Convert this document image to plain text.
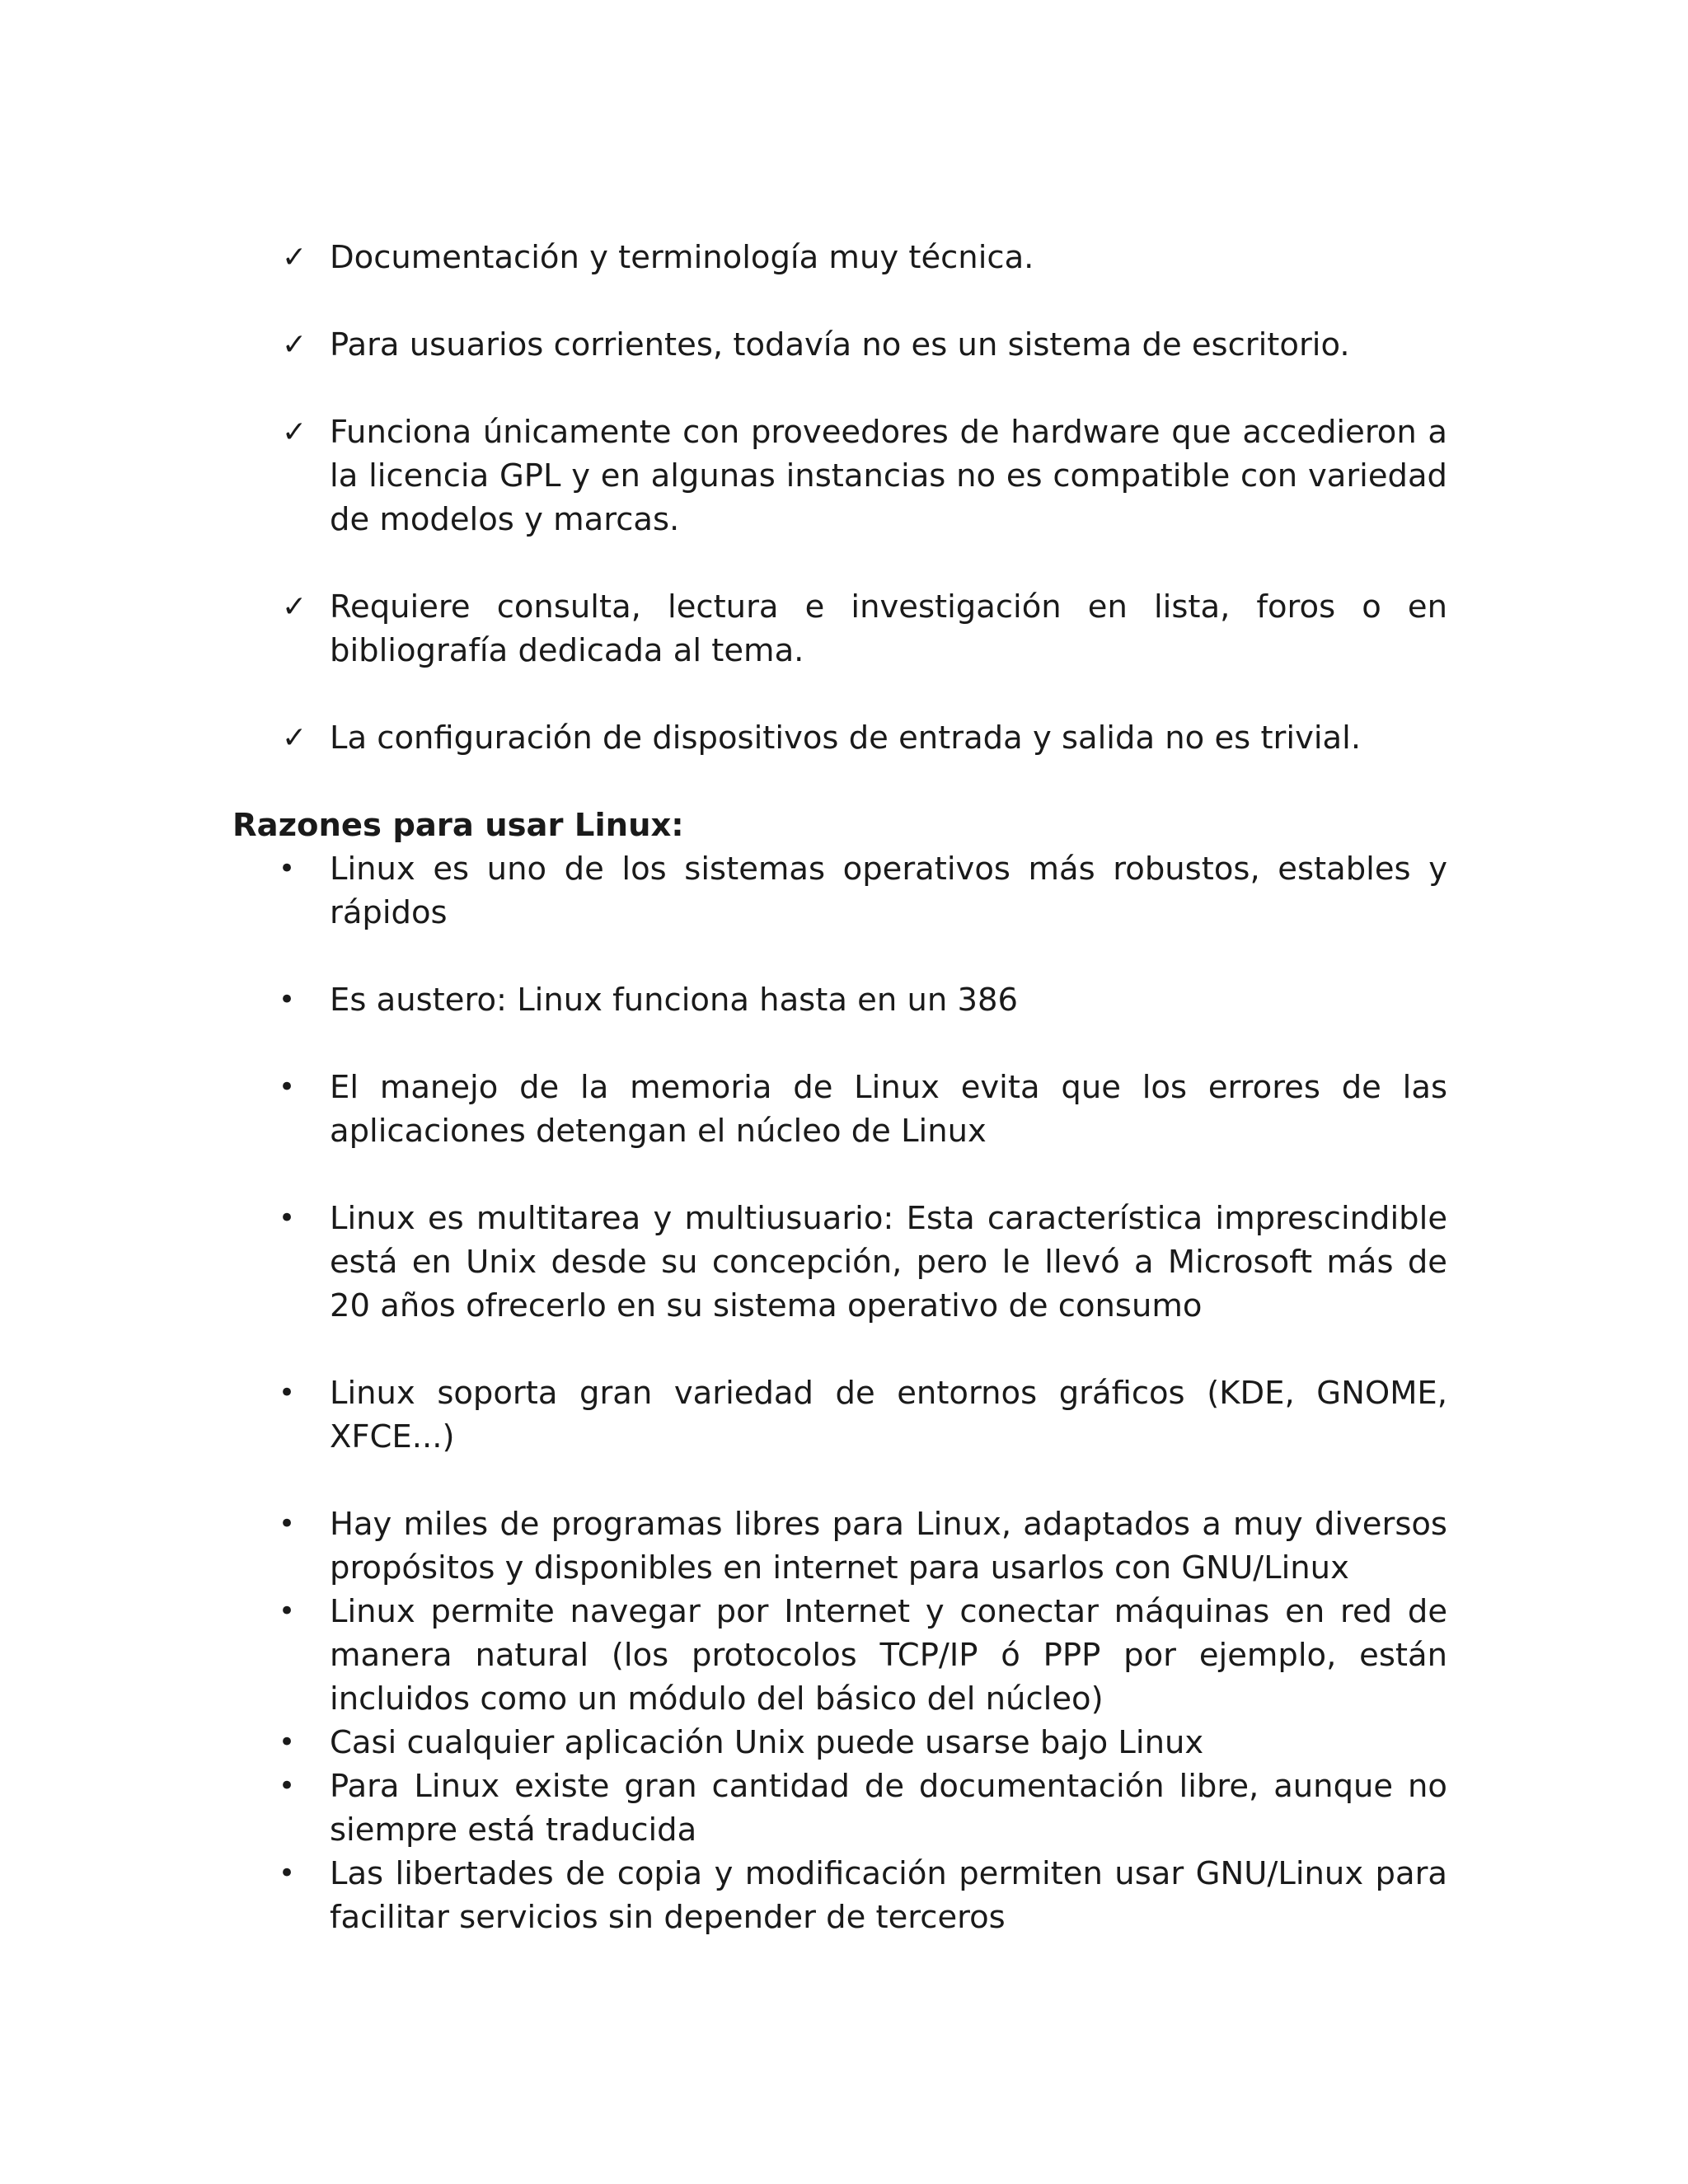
✓ Documentación y terminología muy técnica.
✓ Para usuarios corrientes, todavía no es un sistema de escritorio.
✓ Funciona únicamente con proveedores de hardware que accedieron a la licencia GPL y en algunas instancias no es compatible con variedad de modelos y marcas.
✓ Requiere consulta, lectura e investigación en lista, foros o en bibliografía dedicada al tema.
✓ La configuración de dispositivos de entrada y salida no es trivial.
Razones para usar Linux:
•	Linux es uno de los sistemas operativos más robustos, estables y rápidos
•	Es austero: Linux funciona hasta en un 386
•	El manejo de la memoria de Linux evita que los errores de las aplicaciones detengan el núcleo de Linux
•	Linux es multitarea y multiusuario: Esta característica imprescindible está en Unix desde su concepción, pero le llevó a Microsoft más de 20 años ofrecerlo en su sistema operativo de consumo
•	Linux soporta gran variedad de entornos gráficos (KDE, GNOME, XFCE...)
•	Hay miles de programas libres para Linux, adaptados a muy diversos propósitos y disponibles en internet para usarlos con GNU/Linux
•	Linux permite navegar por Internet y conectar máquinas en red de manera natural (los protocolos TCP/IP ó PPP por ejemplo, están incluidos como un módulo del básico del núcleo)
•	Casi cualquier aplicación Unix puede usarse bajo Linux
•	Para Linux existe gran cantidad de documentación libre, aunque no siempre está traducida
•	Las libertades de copia y modificación permiten usar GNU/Linux para facilitar servicios sin depender de terceros
